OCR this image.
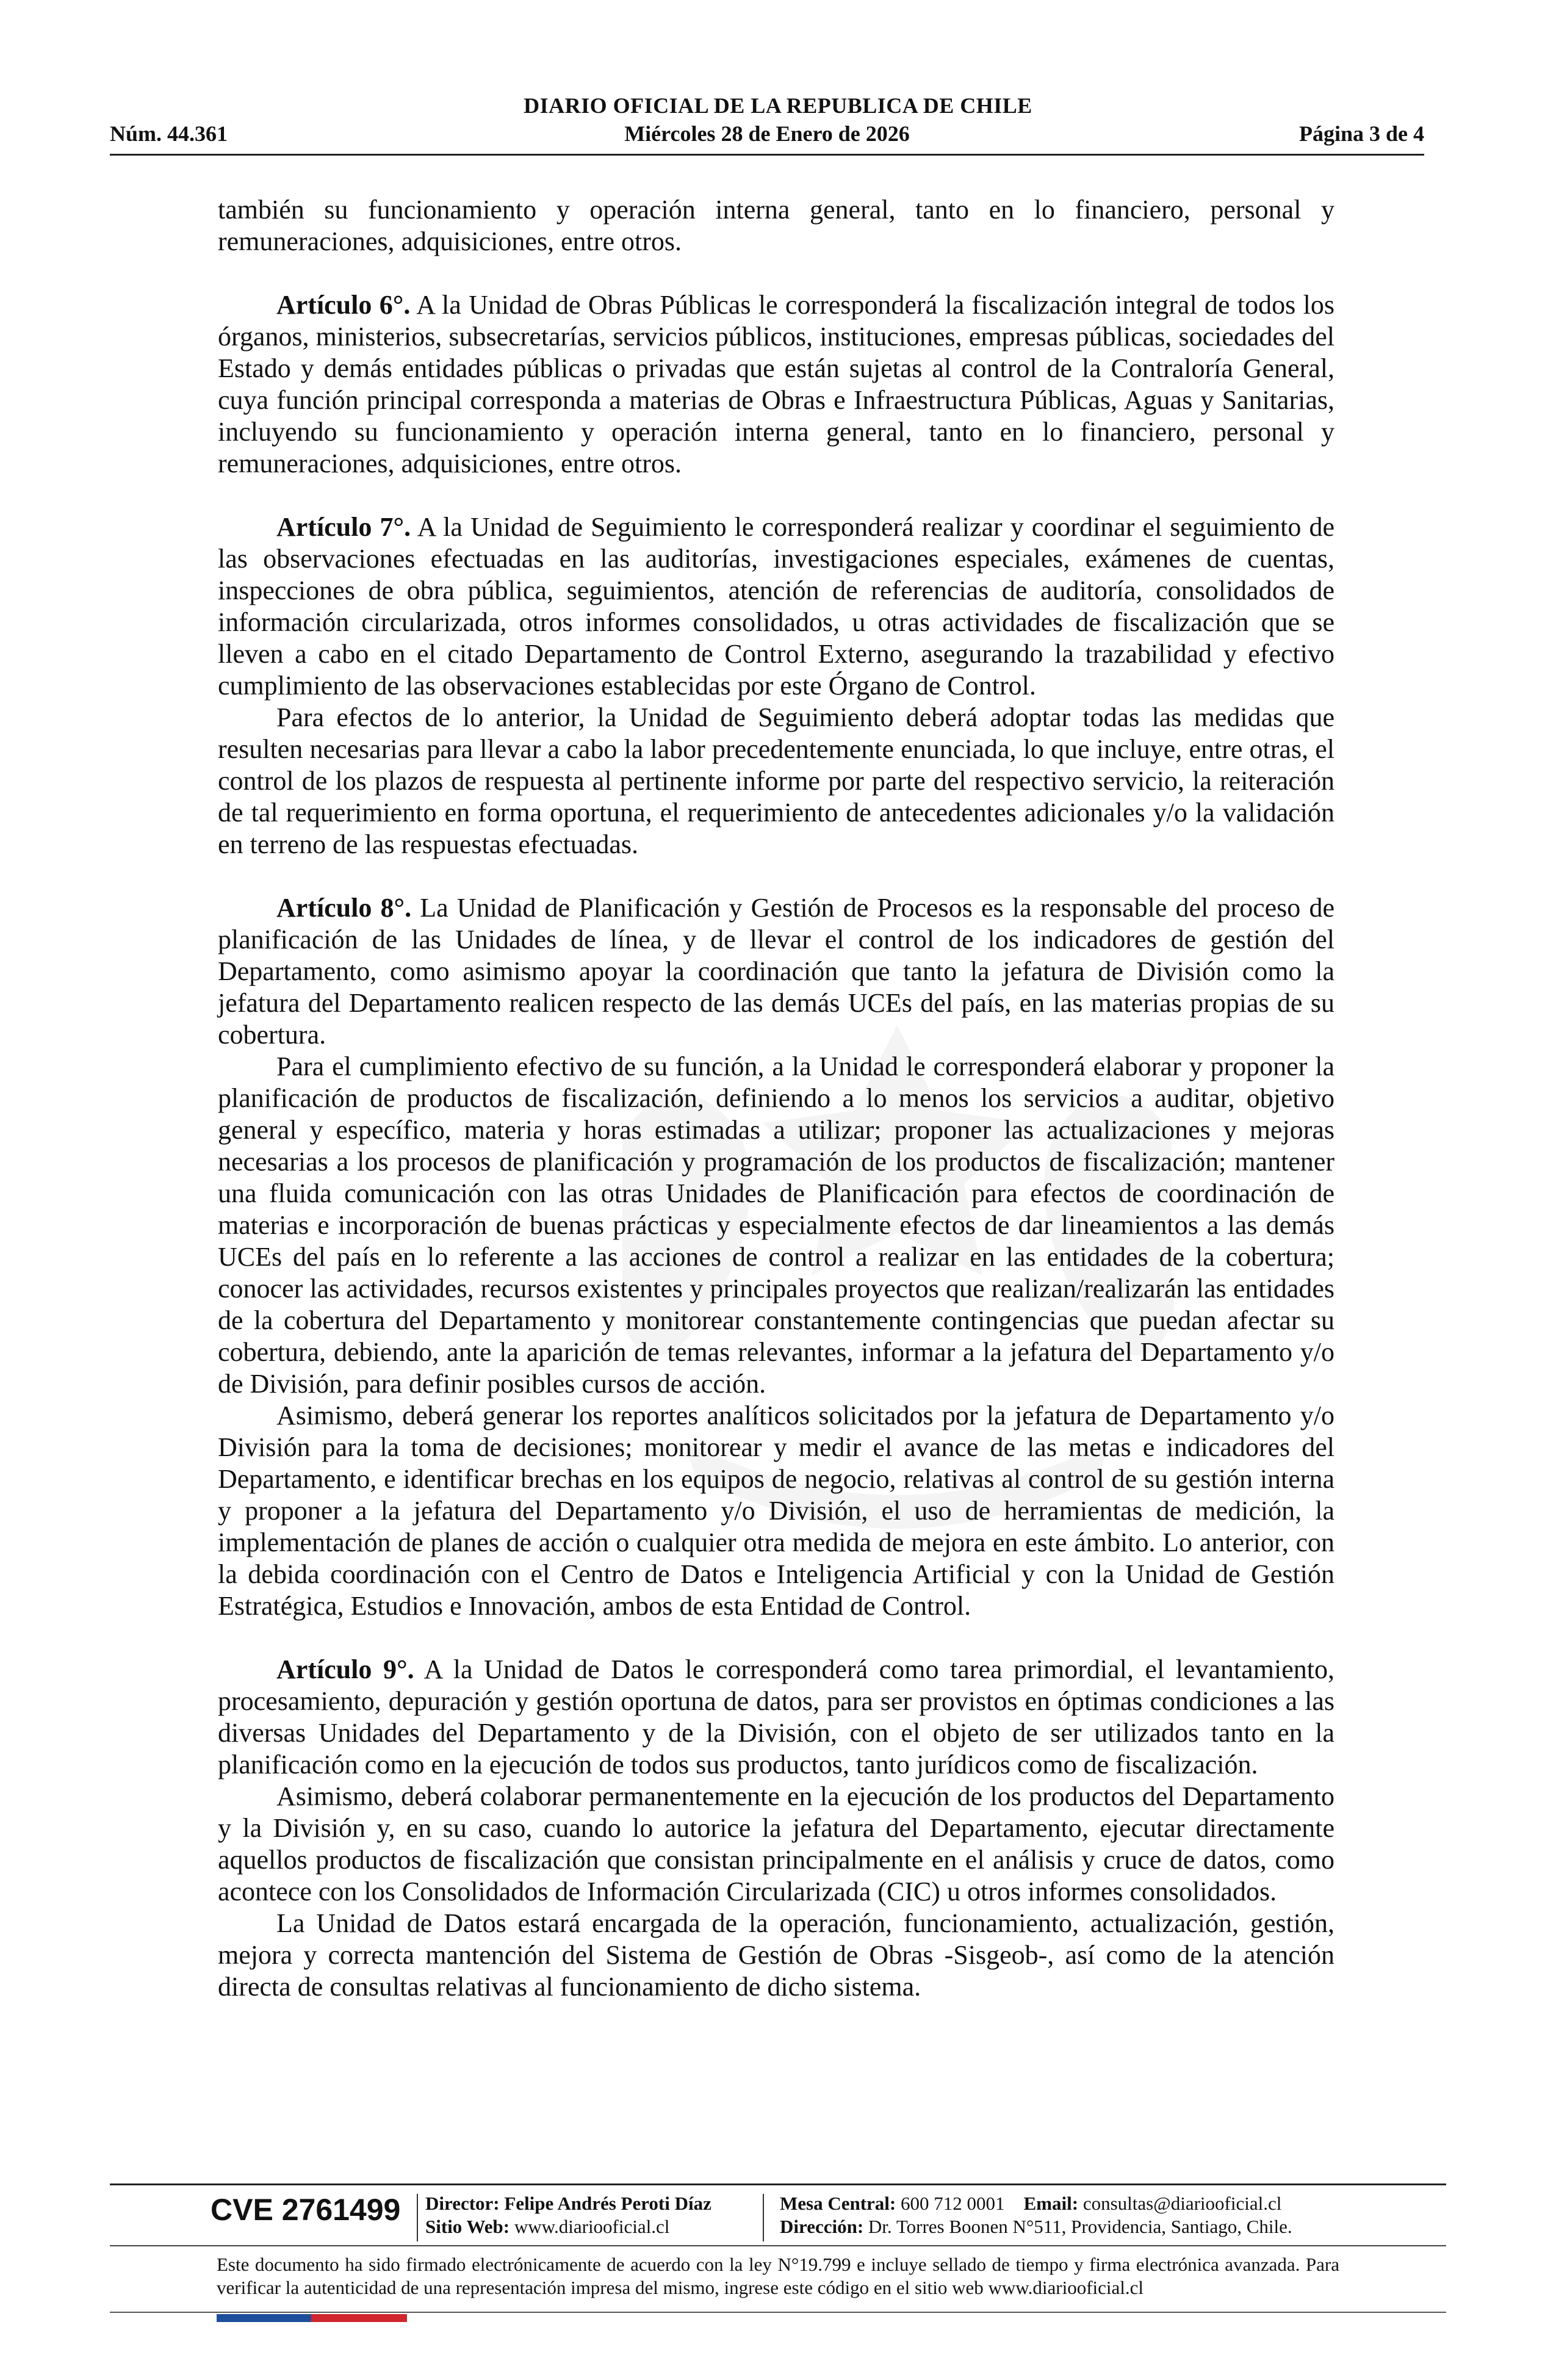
DIARIO OFICIAL DE LA REPUBLICA DE CHILE
Núm. 44.361	Miércoles 28 de Enero de 2026	Página 3 de 4

también su funcionamiento y operación interna general, tanto en lo financiero, personal y remuneraciones, adquisiciones, entre otros.

Artículo 6°. A la Unidad de Obras Públicas le corresponderá la fiscalización integral de todos los órganos, ministerios, subsecretarías, servicios públicos, instituciones, empresas públicas, sociedades del Estado y demás entidades públicas o privadas que están sujetas al control de la Contraloría General, cuya función principal corresponda a materias de Obras e Infraestructura Públicas, Aguas y Sanitarias, incluyendo su funcionamiento y operación interna general, tanto en lo financiero, personal y remuneraciones, adquisiciones, entre otros.

Artículo 7°. A la Unidad de Seguimiento le corresponderá realizar y coordinar el seguimiento de las observaciones efectuadas en las auditorías, investigaciones especiales, exámenes de cuentas, inspecciones de obra pública, seguimientos, atención de referencias de auditoría, consolidados de información circularizada, otros informes consolidados, u otras actividades de fiscalización que se lleven a cabo en el citado Departamento de Control Externo, asegurando la trazabilidad y efectivo cumplimiento de las observaciones establecidas por este Órgano de Control.

Para efectos de lo anterior, la Unidad de Seguimiento deberá adoptar todas las medidas que resulten necesarias para llevar a cabo la labor precedentemente enunciada, lo que incluye, entre otras, el control de los plazos de respuesta al pertinente informe por parte del respectivo servicio, la reiteración de tal requerimiento en forma oportuna, el requerimiento de antecedentes adicionales y/o la validación en terreno de las respuestas efectuadas.

Artículo 8°. La Unidad de Planificación y Gestión de Procesos es la responsable del proceso de planificación de las Unidades de línea, y de llevar el control de los indicadores de gestión del Departamento, como asimismo apoyar la coordinación que tanto la jefatura de División como la jefatura del Departamento realicen respecto de las demás UCEs del país, en las materias propias de su cobertura.

Para el cumplimiento efectivo de su función, a la Unidad le corresponderá elaborar y proponer la planificación de productos de fiscalización, definiendo a lo menos los servicios a auditar, objetivo general y específico, materia y horas estimadas a utilizar; proponer las actualizaciones y mejoras necesarias a los procesos de planificación y programación de los productos de fiscalización; mantener una fluida comunicación con las otras Unidades de Planificación para efectos de coordinación de materias e incorporación de buenas prácticas y especialmente efectos de dar lineamientos a las demás UCEs del país en lo referente a las acciones de control a realizar en las entidades de la cobertura; conocer las actividades, recursos existentes y principales proyectos que realizan/realizarán las entidades de la cobertura del Departamento y monitorear constantemente contingencias que puedan afectar su cobertura, debiendo, ante la aparición de temas relevantes, informar a la jefatura del Departamento y/o de División, para definir posibles cursos de acción.

Asimismo, deberá generar los reportes analíticos solicitados por la jefatura de Departamento y/o División para la toma de decisiones; monitorear y medir el avance de las metas e indicadores del Departamento, e identificar brechas en los equipos de negocio, relativas al control de su gestión interna y proponer a la jefatura del Departamento y/o División, el uso de herramientas de medición, la implementación de planes de acción o cualquier otra medida de mejora en este ámbito. Lo anterior, con la debida coordinación con el Centro de Datos e Inteligencia Artificial y con la Unidad de Gestión Estratégica, Estudios e Innovación, ambos de esta Entidad de Control.

Artículo 9°. A la Unidad de Datos le corresponderá como tarea primordial, el levantamiento, procesamiento, depuración y gestión oportuna de datos, para ser provistos en óptimas condiciones a las diversas Unidades del Departamento y de la División, con el objeto de ser utilizados tanto en la planificación como en la ejecución de todos sus productos, tanto jurídicos como de fiscalización.

Asimismo, deberá colaborar permanentemente en la ejecución de los productos del Departamento y la División y, en su caso, cuando lo autorice la jefatura del Departamento, ejecutar directamente aquellos productos de fiscalización que consistan principalmente en el análisis y cruce de datos, como acontece con los Consolidados de Información Circularizada (CIC) u otros informes consolidados.

La Unidad de Datos estará encargada de la operación, funcionamiento, actualización, gestión, mejora y correcta mantención del Sistema de Gestión de Obras -Sisgeob-, así como de la atención directa de consultas relativas al funcionamiento de dicho sistema.

CVE 2761499 Director: Felipe Andrés Peroti Díaz
Sitio Web: www.diariooficial.cl
Mesa Central: 600 712 0001 Email: consultas@diariooficial.cl
Dirección: Dr. Torres Boonen N°511, Providencia, Santiago, Chile.
Este documento ha sido firmado electrónicamente de acuerdo con la ley N°19.799 e incluye sellado de tiempo y firma electrónica avanzada. Para verificar la autenticidad de una representación impresa del mismo, ingrese este código en el sitio web www.diariooficial.cl
